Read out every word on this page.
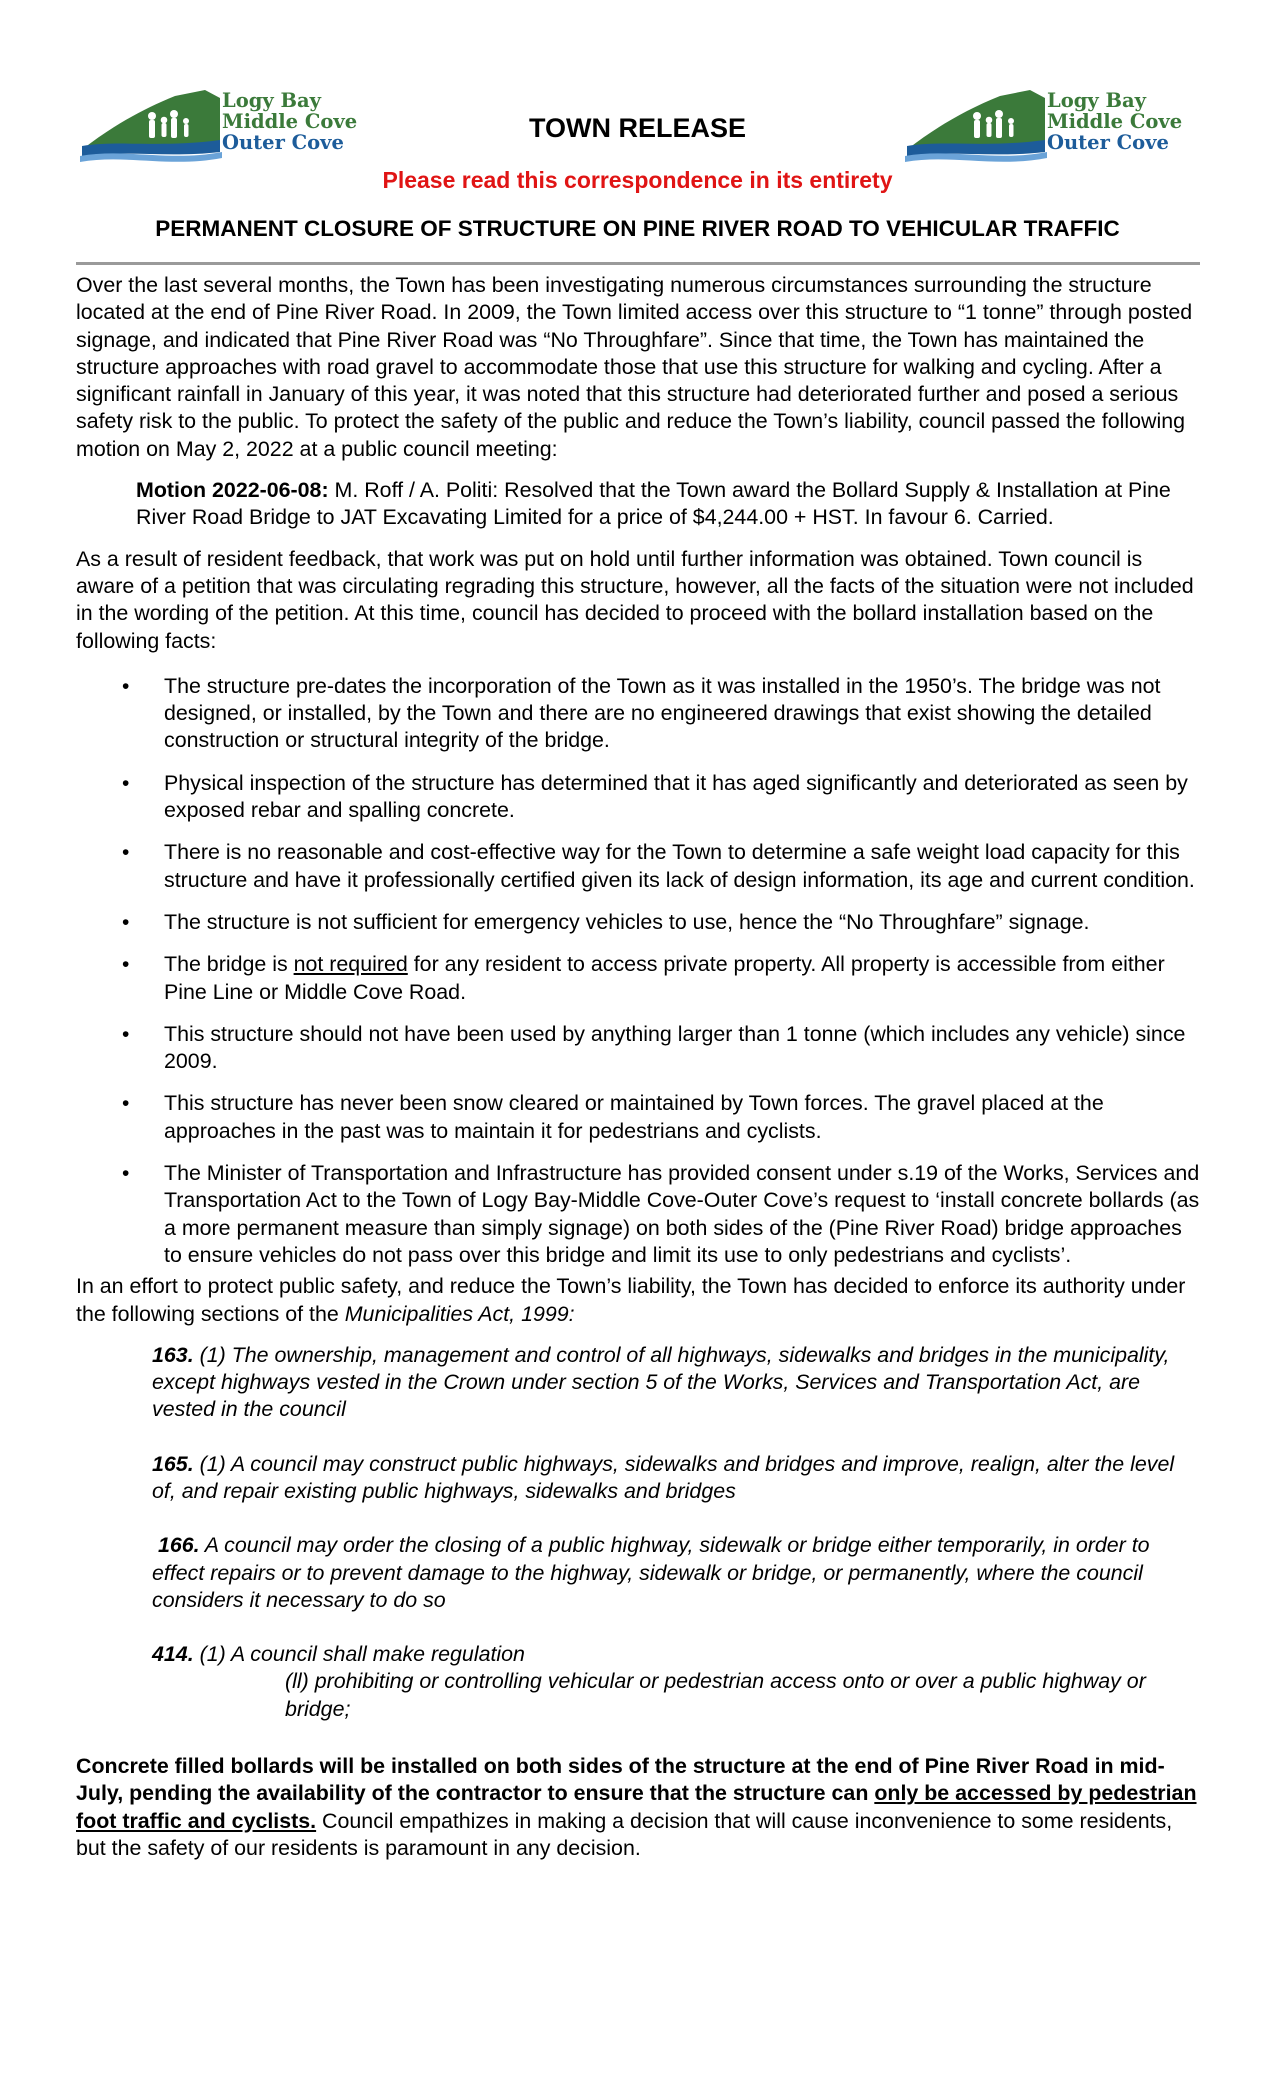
Logy Bay
Middle Cove
Outer Cove
Logy Bay
Middle Cove
Outer Cove
TOWN RELEASE
Please read this correspondence in its entirety
PERMANENT CLOSURE OF STRUCTURE ON PINE RIVER ROAD TO VEHICULAR TRAFFIC

Over the last several months, the Town has been investigating numerous circumstances surrounding the structure located at the end of Pine River Road. In 2009, the Town limited access over this structure to “1 tonne” through posted signage, and indicated that Pine River Road was “No Throughfare”. Since that time, the Town has maintained the structure approaches with road gravel to accommodate those that use this structure for walking and cycling. After a significant rainfall in January of this year, it was noted that this structure had deteriorated further and posed a serious safety risk to the public. To protect the safety of the public and reduce the Town’s liability, council passed the following motion on May 2, 2022 at a public council meeting:

Motion 2022-06-08: M. Roff / A. Politi: Resolved that the Town award the Bollard Supply & Installation at Pine River Road Bridge to JAT Excavating Limited for a price of $4,244.00 + HST. In favour 6. Carried.

As a result of resident feedback, that work was put on hold until further information was obtained. Town council is aware of a petition that was circulating regrading this structure, however, all the facts of the situation were not included in the wording of the petition. At this time, council has decided to proceed with the bollard installation based on the following facts:

• The structure pre-dates the incorporation of the Town as it was installed in the 1950’s. The bridge was not designed, or installed, by the Town and there are no engineered drawings that exist showing the detailed construction or structural integrity of the bridge.
• Physical inspection of the structure has determined that it has aged significantly and deteriorated as seen by exposed rebar and spalling concrete.
• There is no reasonable and cost-effective way for the Town to determine a safe weight load capacity for this structure and have it professionally certified given its lack of design information, its age and current condition.
• The structure is not sufficient for emergency vehicles to use, hence the “No Throughfare” signage.
• The bridge is not required for any resident to access private property. All property is accessible from either Pine Line or Middle Cove Road.
• This structure should not have been used by anything larger than 1 tonne (which includes any vehicle) since 2009.
• This structure has never been snow cleared or maintained by Town forces. The gravel placed at the approaches in the past was to maintain it for pedestrians and cyclists.
• The Minister of Transportation and Infrastructure has provided consent under s.19 of the Works, Services and Transportation Act to the Town of Logy Bay-Middle Cove-Outer Cove’s request to ‘install concrete bollards (as a more permanent measure than simply signage) on both sides of the (Pine River Road) bridge approaches to ensure vehicles do not pass over this bridge and limit its use to only pedestrians and cyclists’.

In an effort to protect public safety, and reduce the Town’s liability, the Town has decided to enforce its authority under the following sections of the Municipalities Act, 1999:

163. (1) The ownership, management and control of all highways, sidewalks and bridges in the municipality, except highways vested in the Crown under section 5 of the Works, Services and Transportation Act, are vested in the council

165. (1) A council may construct public highways, sidewalks and bridges and improve, realign, alter the level of, and repair existing public highways, sidewalks and bridges

166. A council may order the closing of a public highway, sidewalk or bridge either temporarily, in order to effect repairs or to prevent damage to the highway, sidewalk or bridge, or permanently, where the council considers it necessary to do so

414. (1) A council shall make regulation

(ll) prohibiting or controlling vehicular or pedestrian access onto or over a public highway or bridge;

Concrete filled bollards will be installed on both sides of the structure at the end of Pine River Road in mid-July, pending the availability of the contractor to ensure that the structure can only be accessed by pedestrian foot traffic and cyclists. Council empathizes in making a decision that will cause inconvenience to some residents, but the safety of our residents is paramount in any decision.
